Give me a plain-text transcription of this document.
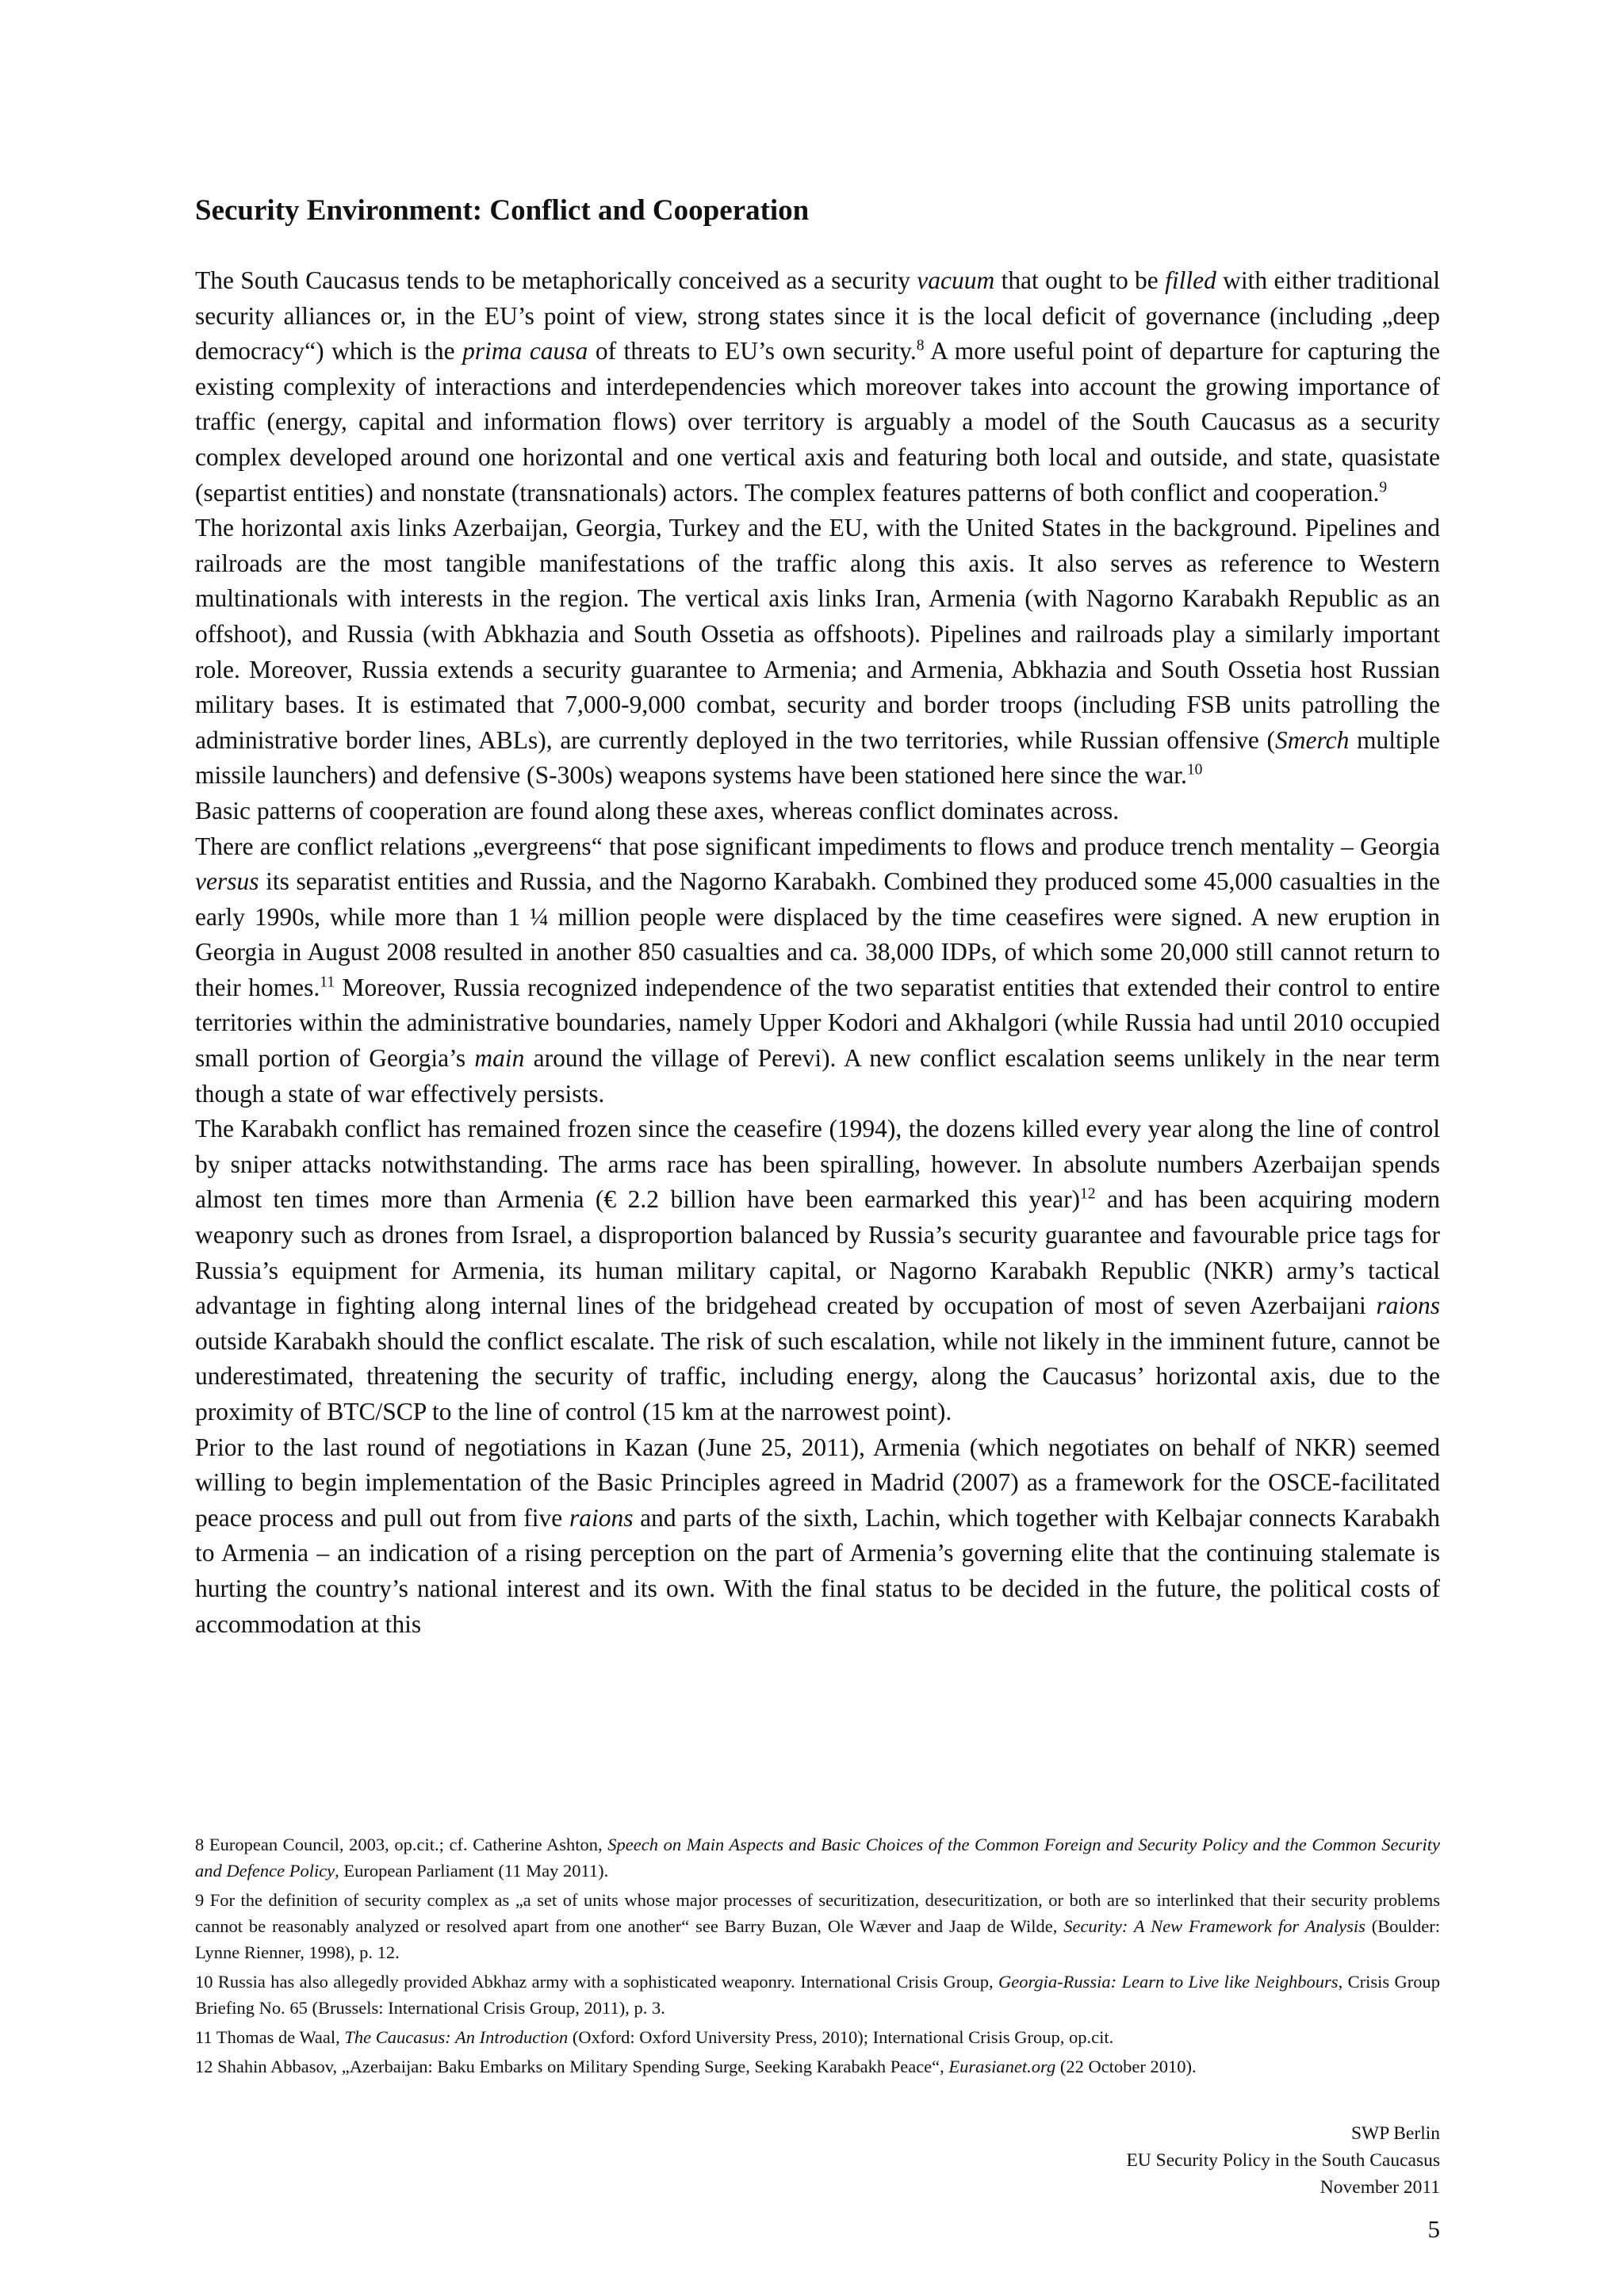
Security Environment: Conflict and Cooperation

The South Caucasus tends to be metaphorically conceived as a security vacuum that ought to be filled with either traditional security alliances or, in the EU’s point of view, strong states since it is the local deficit of governance (including „deep democracy“) which is the prima causa of threats to EU’s own security.$^8$ A more useful point of departure for capturing the existing complexity of interactions and interdependencies which moreover takes into account the growing importance of traffic (energy, capital and information flows) over territory is arguably a model of the South Caucasus as a security complex developed around one horizontal and one vertical axis and featuring both local and outside, and state, quasistate (separtist entities) and nonstate (transnationals) actors. The complex features patterns of both conflict and cooperation.$^9$

The horizontal axis links Azerbaijan, Georgia, Turkey and the EU, with the United States in the background. Pipelines and railroads are the most tangible manifestations of the traffic along this axis. It also serves as reference to Western multinationals with interests in the region. The vertical axis links Iran, Armenia (with Nagorno Karabakh Republic as an offshoot), and Russia (with Abkhazia and South Ossetia as offshoots). Pipelines and railroads play a similarly important role. Moreover, Russia extends a security guarantee to Armenia; and Armenia, Abkhazia and South Ossetia host Russian military bases. It is estimated that 7,000-9,000 combat, security and border troops (including FSB units patrolling the administrative border lines, ABLs), are currently deployed in the two territories, while Russian offensive (Smerch multiple missile launchers) and defensive (S-300s) weapons systems have been stationed here since the war.$^{10}$

Basic patterns of cooperation are found along these axes, whereas conflict dominates across.

There are conflict relations „evergreens“ that pose significant impediments to flows and produce trench mentality – Georgia versus its separatist entities and Russia, and the Nagorno Karabakh. Combined they produced some 45,000 casualties in the early 1990s, while more than 1 ¼ million people were displaced by the time ceasefires were signed. A new eruption in Georgia in August 2008 resulted in another 850 casualties and ca. 38,000 IDPs, of which some 20,000 still cannot return to their homes.$^{11}$ Moreover, Russia recognized independence of the two separatist entities that extended their control to entire territories within the administrative boundaries, namely Upper Kodori and Akhalgori (while Russia had until 2010 occupied small portion of Georgia’s main around the village of Perevi). A new conflict escalation seems unlikely in the near term though a state of war effectively persists.

The Karabakh conflict has remained frozen since the ceasefire (1994), the dozens killed every year along the line of control by sniper attacks notwithstanding. The arms race has been spiralling, however. In absolute numbers Azerbaijan spends almost ten times more than Armenia (€ 2.2 billion have been earmarked this year)$^{12}$ and has been acquiring modern weaponry such as drones from Israel, a disproportion balanced by Russia’s security guarantee and favourable price tags for Russia’s equipment for Armenia, its human military capital, or Nagorno Karabakh Republic (NKR) army’s tactical advantage in fighting along internal lines of the bridgehead created by occupation of most of seven Azerbaijani raions outside Karabakh should the conflict escalate. The risk of such escalation, while not likely in the imminent future, cannot be underestimated, threatening the security of traffic, including energy, along the Caucasus’ horizontal axis, due to the proximity of BTC/SCP to the line of control (15 km at the narrowest point).

Prior to the last round of negotiations in Kazan (June 25, 2011), Armenia (which negotiates on behalf of NKR) seemed willing to begin implementation of the Basic Principles agreed in Madrid (2007) as a framework for the OSCE-facilitated peace process and pull out from five raions and parts of the sixth, Lachin, which together with Kelbajar connects Karabakh to Armenia – an indication of a rising perception on the part of Armenia’s governing elite that the continuing stalemate is hurting the country’s national interest and its own. With the final status to be decided in the future, the political costs of accommodation at this

8 European Council, 2003, op.cit.; cf. Catherine Ashton, Speech on Main Aspects and Basic Choices of the Common Foreign and Security Policy and the Common Security and Defence Policy, European Parliament (11 May 2011).

9 For the definition of security complex as „a set of units whose major processes of securitization, desecuritization, or both are so interlinked that their security problems cannot be reasonably analyzed or resolved apart from one another“ see Barry Buzan, Ole Wæver and Jaap de Wilde, Security: A New Framework for Analysis (Boulder: Lynne Rienner, 1998), p. 12.

10 Russia has also allegedly provided Abkhaz army with a sophisticated weaponry. International Crisis Group, Georgia-Russia: Learn to Live like Neighbours, Crisis Group Briefing No. 65 (Brussels: International Crisis Group, 2011), p. 3.

11 Thomas de Waal, The Caucasus: An Introduction (Oxford: Oxford University Press, 2010); International Crisis Group, op.cit.

12 Shahin Abbasov, „Azerbaijan: Baku Embarks on Military Spending Surge, Seeking Karabakh Peace“, Eurasianet.org (22 October 2010).

SWP Berlin
EU Security Policy in the South Caucasus
November 2011
5
